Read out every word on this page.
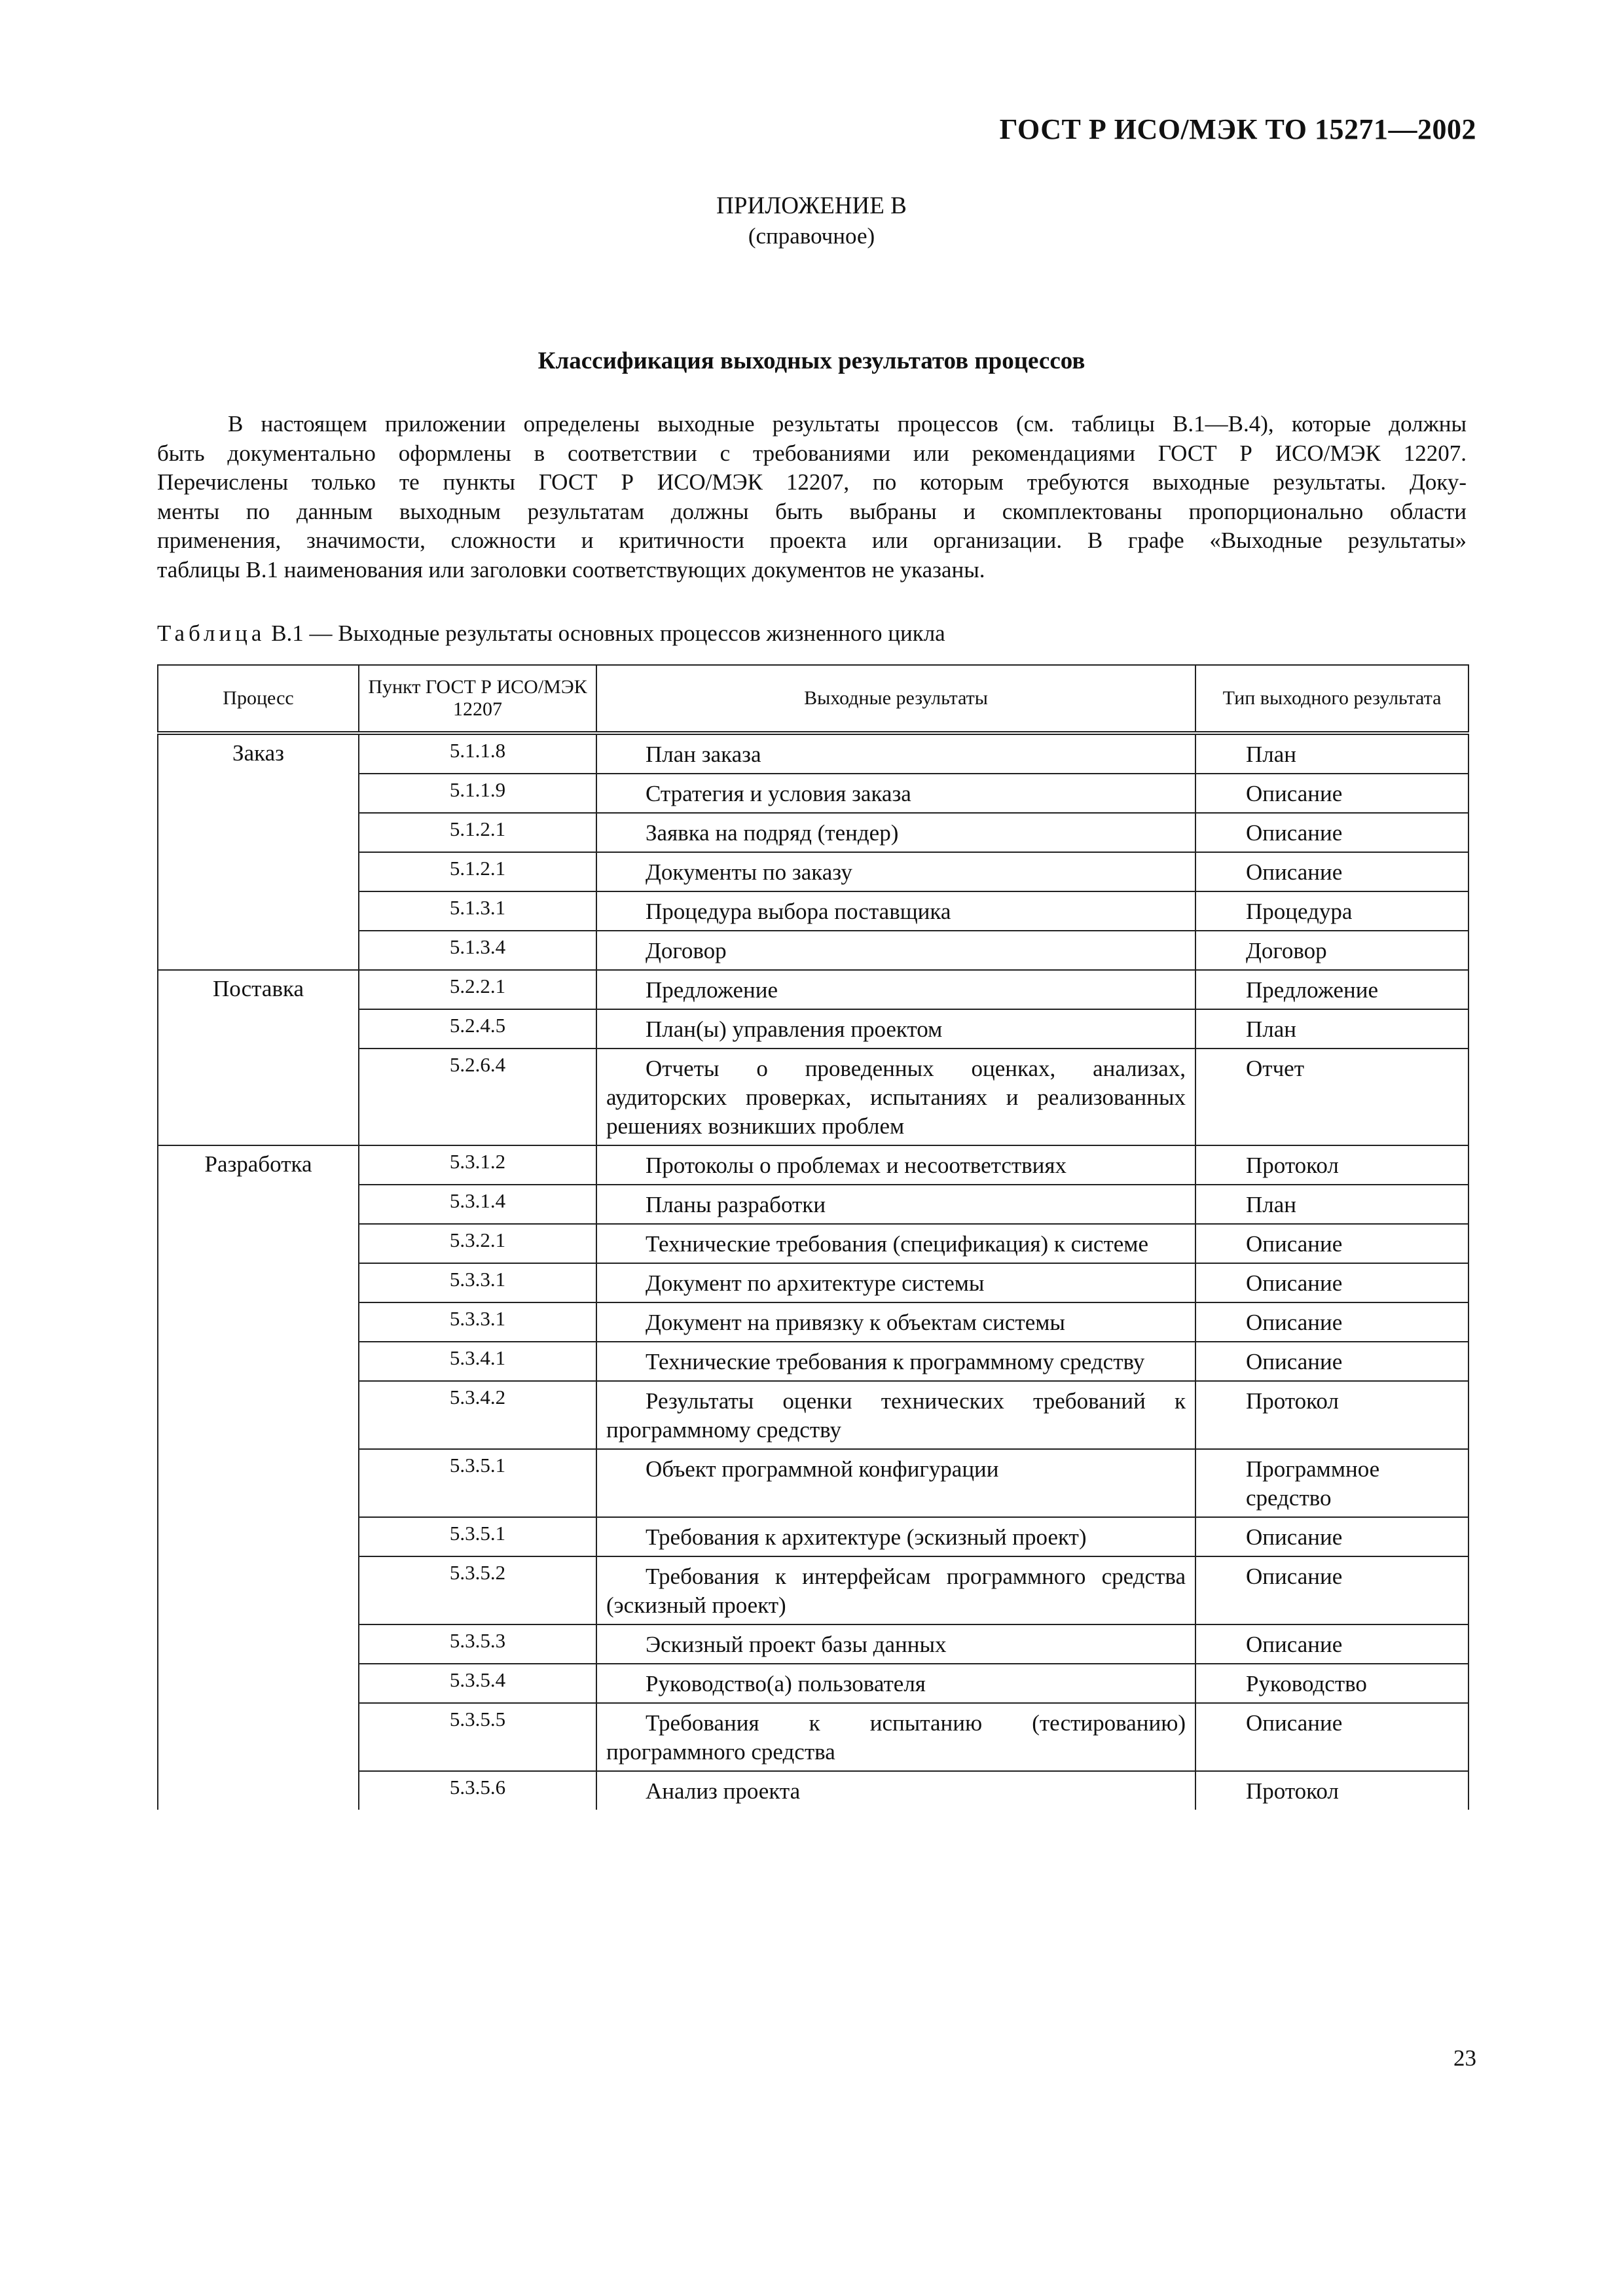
ГОСТ Р ИСО/МЭК ТО 15271—2002
ПРИЛОЖЕНИЕ В
(справочное)
Классификация выходных результатов процессов
В настоящем приложении определены выходные результаты процессов (см. таблицы В.1—В.4), которые должны
быть документально оформлены в соответствии с требованиями или рекомендациями ГОСТ Р ИСО/МЭК 12207.
Перечислены только те пункты ГОСТ Р ИСО/МЭК 12207, по которым требуются выходные результаты. Доку-
менты по данным выходным результатам должны быть выбраны и скомплектованы пропорционально области
применения, значимости, сложности и критичности проекта или организации. В графе «Выходные результаты»
таблицы В.1 наименования или заголовки соответствующих документов не указаны.
Таблица В.1 — Выходные результаты основных процессов жизненного цикла
Процесс	Пункт ГОСТ Р ИСО/МЭК 12207	Выходные результаты	Тип выходного результата
Заказ	5.1.1.8	План заказа	План
	5.1.1.9	Стратегия и условия заказа	Описание
	5.1.2.1	Заявка на подряд (тендер)	Описание
	5.1.2.1	Документы по заказу	Описание
	5.1.3.1	Процедура выбора поставщика	Процедура
	5.1.3.4	Договор	Договор
Поставка	5.2.2.1	Предложение	Предложение
	5.2.4.5	План(ы) управления проектом	План
	5.2.6.4	Отчеты о проведенных оценках, анализах, аудиторских проверках, испытаниях и реализованных решениях возникших проблем	Отчет
Разработка	5.3.1.2	Протоколы о проблемах и несоответствиях	Протокол
	5.3.1.4	Планы разработки	План
	5.3.2.1	Технические требования (спецификация) к системе	Описание
	5.3.3.1	Документ по архитектуре системы	Описание
	5.3.3.1	Документ на привязку к объектам системы	Описание
	5.3.4.1	Технические требования к программному средству	Описание
	5.3.4.2	Результаты оценки технических требований к программному средству	Протокол
	5.3.5.1	Объект программной конфигурации	Программное средство
	5.3.5.1	Требования к архитектуре (эскизный проект)	Описание
	5.3.5.2	Требования к интерфейсам программного средства (эскизный проект)	Описание
	5.3.5.3	Эскизный проект базы данных	Описание
	5.3.5.4	Руководство(а) пользователя	Руководство
	5.3.5.5	Требования к испытанию (тестированию) программного средства	Описание
	5.3.5.6	Анализ проекта	Протокол
23
